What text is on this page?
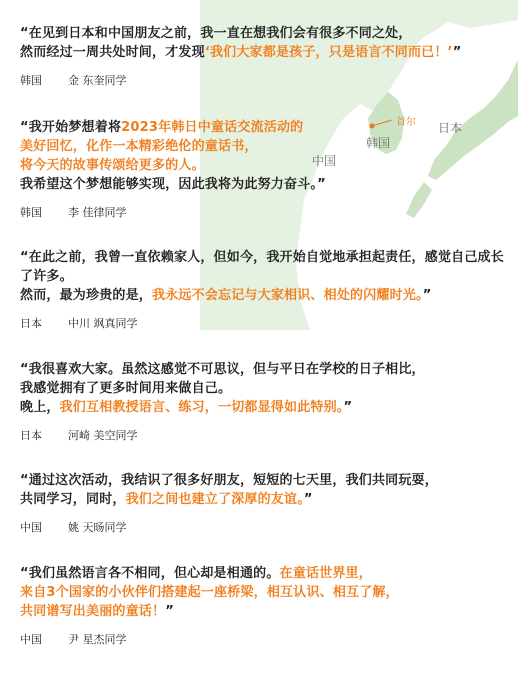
首尔
韩国
日本
中国

“在见到日本和中国朋友之前，我一直在想我们会有很多不同之处，
然而经过一周共处时间，才发现‘我们大家都是孩子，只是语言不同而已！’”

韩国	金 东奎同学

“我开始梦想着将2023年韩日中童话交流活动的
美好回忆，化作一本精彩绝伦的童话书，
将今天的故事传颂给更多的人。
我希望这个梦想能够实现，因此我将为此努力奋斗。”

韩国	李 佳律同学

“在此之前，我曾一直依赖家人，但如今，我开始自觉地承担起责任，感觉自己成长了许多。
然而，最为珍贵的是，我永远不会忘记与大家相识、相处的闪耀时光。”

日本	中川 飒真同学

“我很喜欢大家。虽然这感觉不可思议，但与平日在学校的日子相比，
我感觉拥有了更多时间用来做自己。
晚上，我们互相教授语言、练习，一切都显得如此特别。”

日本	河崎 美空同学

“通过这次活动，我结识了很多好朋友，短短的七天里，我们共同玩耍，
共同学习，同时，我们之间也建立了深厚的友谊。”

中国	姚 天旸同学

“我们虽然语言各不相同，但心却是相通的。在童话世界里，
来自3个国家的小伙伴们搭建起一座桥梁，相互认识、相互了解，
共同谱写出美丽的童话！”

中国	尹 星杰同学
